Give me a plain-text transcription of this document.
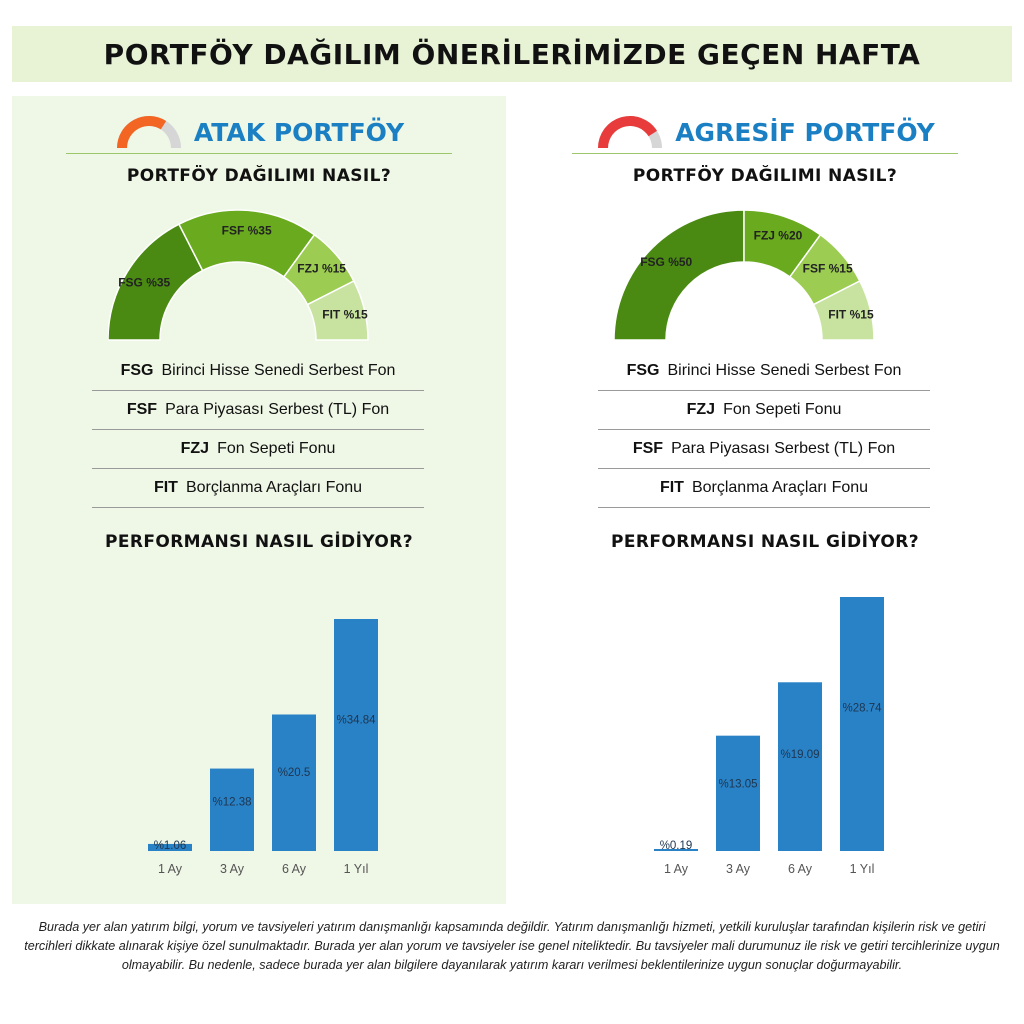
PORTFÖY DAĞILIM ÖNERİLERİMİZDE GEÇEN HAFTA
ATAK PORTFÖY
PORTFÖY DAĞILIMI NASIL?
FSG %35
FSF %35
FZJ %15
FIT %15
FSG Birinci Hisse Senedi Serbest Fon
FSF Para Piyasası Serbest (TL) Fon
FZJ Fon Sepeti Fonu
FIT Borçlanma Araçları Fonu
PERFORMANSI NASIL GİDİYOR?
%1.06
1 Ay
%12.38
3 Ay
%20.5
6 Ay
%34.84
1 Yıl
AGRESİF PORTFÖY
PORTFÖY DAĞILIMI NASIL?
FSG %50
FZJ %20
FSF %15
FIT %15
FSG Birinci Hisse Senedi Serbest Fon
FZJ Fon Sepeti Fonu
FSF Para Piyasası Serbest (TL) Fon
FIT Borçlanma Araçları Fonu
PERFORMANSI NASIL GİDİYOR?
%0.19
1 Ay
%13.05
3 Ay
%19.09
6 Ay
%28.74
1 Yıl
Burada yer alan yatırım bilgi, yorum ve tavsiyeleri yatırım danışmanlığı kapsamında değildir. Yatırım danışmanlığı hizmeti, yetkili kuruluşlar tarafından kişilerin risk ve getiri tercihleri dikkate alınarak kişiye özel sunulmaktadır. Burada yer alan yorum ve tavsiyeler ise genel niteliktedir. Bu tavsiyeler mali durumunuz ile risk ve getiri tercihlerinize uygun olmayabilir. Bu nedenle, sadece burada yer alan bilgilere dayanılarak yatırım kararı verilmesi beklentilerinize uygun sonuçlar doğurmayabilir.
